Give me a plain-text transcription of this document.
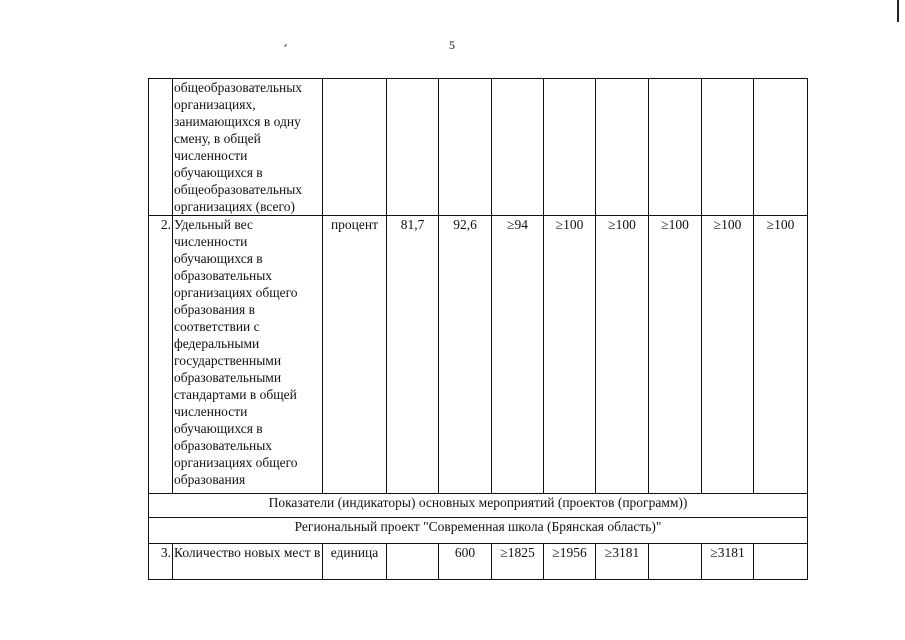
5
	общеобразовательных организациях, занимающихся в одну смену, в общей численности обучающихся в общеобразовательных организациях (всего)									
2.	Удельный вес численности обучающихся в образовательных организациях общего образования в соответствии с федеральными государственными образовательными стандартами в общей численности обучающихся в образовательных организациях общего образования	процент	81,7	92,6	≥94	≥100	≥100	≥100	≥100	≥100
Показатели (индикаторы) основных мероприятий (проектов (программ))										
Региональный проект "Современная школа (Брянская область)"										
3.	Количество новых мест в	единица		600	≥1825	≥1956	≥3181		≥3181	
